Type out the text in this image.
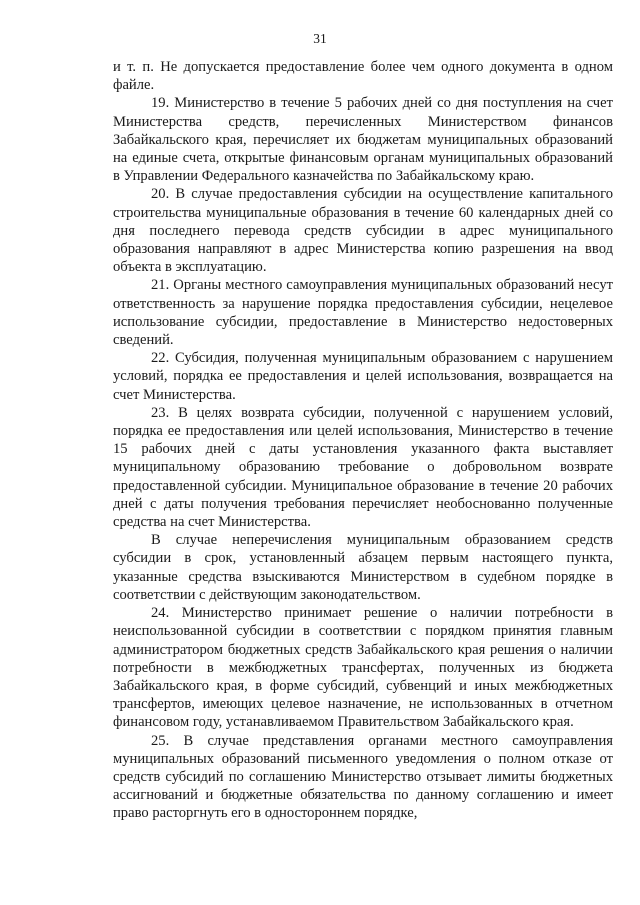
31

и т. п. Не допускается предоставление более чем одного документа в одном файле.

19. Министерство в течение 5 рабочих дней со дня поступления на счет Министерства средств, перечисленных Министерством финансов Забайкальского края, перечисляет их бюджетам муниципальных образований на единые счета, открытые финансовым органам муниципальных образований в Управлении Федерального казначейства по Забайкальскому краю.

20. В случае предоставления субсидии на осуществление капитального строительства муниципальные образования в течение 60 календарных дней со дня последнего перевода средств субсидии в адрес муниципального образования направляют в адрес Министерства копию разрешения на ввод объекта в эксплуатацию.

21. Органы местного самоуправления муниципальных образований несут ответственность за нарушение порядка предоставления субсидии, нецелевое использование субсидии, предоставление в Министерство недостоверных сведений.

22. Субсидия, полученная муниципальным образованием с нарушением условий, порядка ее предоставления и целей использования, возвращается на счет Министерства.

23. В целях возврата субсидии, полученной с нарушением условий, порядка ее предоставления или целей использования, Министерство в течение 15 рабочих дней с даты установления указанного факта выставляет муниципальному образованию требование о добровольном возврате предоставленной субсидии. Муниципальное образование в течение 20 рабочих дней с даты получения требования перечисляет необоснованно полученные средства на счет Министерства.

В случае неперечисления муниципальным образованием средств субсидии в срок, установленный абзацем первым настоящего пункта, указанные средства взыскиваются Министерством в судебном порядке в соответствии с действующим законодательством.

24. Министерство принимает решение о наличии потребности в неиспользованной субсидии в соответствии с порядком принятия главным администратором бюджетных средств Забайкальского края решения о наличии потребности в межбюджетных трансфертах, полученных из бюджета Забайкальского края, в форме субсидий, субвенций и иных межбюджетных трансфертов, имеющих целевое назначение, не использованных в отчетном финансовом году, устанавливаемом Правительством Забайкальского края.

25. В случае представления органами местного самоуправления муниципальных образований письменного уведомления о полном отказе от средств субсидий по соглашению Министерство отзывает лимиты бюджетных ассигнований и бюджетные обязательства по данному соглашению и имеет право расторгнуть его в одностороннем порядке,
